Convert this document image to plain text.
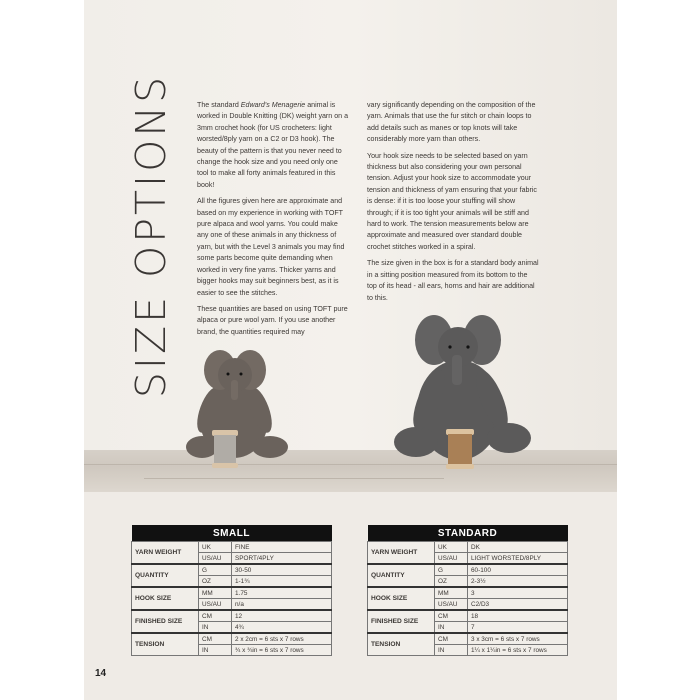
SIZE OPTIONS	The standard Edward's Menagerie animal is worked in Double Knitting (DK) weight yarn on a 3mm crochet hook (for US crocheters: light worsted/8ply yarn on a C2 or D3 hook). The beauty of the pattern is that you never need to change the hook size and you need only one tool to make all forty animals featured in this book!

All the figures given here are approximate and based on my experience in working with TOFT pure alpaca and wool yarns. You could make any one of these animals in any thickness of yarn, but with the Level 3 animals you may find some parts become quite demanding when worked in very fine yarns. Thicker yarns and bigger hooks may suit beginners best, as it is easier to see the stitches.

These quantities are based on using TOFT pure alpaca or pure wool yarn. If you use another brand, the quantities required may

vary significantly depending on the composition of the yarn. Animals that use the fur stitch or chain loops to add details such as manes or top knots will take considerably more yarn than others.

Your hook size needs to be selected based on yarn thickness but also considering your own personal tension. Adjust your hook size to accommodate your tension and thickness of yarn ensuring that your fabric is dense: if it is too loose your stuffing will show through; if it is too tight your animals will be stiff and hard to work. The tension measurements below are approximate and measured over standard double crochet stitches worked in a spiral.

The size given in the box is for a standard body animal in a sitting position measured from its bottom to the top of its head - all ears, horns and hair are additional to this.

SMALL		
YARN WEIGHT	UK	FINE
	US/AU	SPORT/4PLY
QUANTITY	G	30-50
	OZ	1-1¾
HOOK SIZE	MM	1.75
	US/AU	n/a
FINISHED SIZE	CM	12
	IN	4¾
TENSION	CM	2 x 2cm = 6 sts x 7 rows
	IN	¾ x ¾in = 6 sts x 7 rows
STANDARD		
YARN WEIGHT	UK	DK
	US/AU	LIGHT WORSTED/8PLY
QUANTITY	G	60-100
	OZ	2-3½
HOOK SIZE	MM	3
	US/AU	C2/D3
FINISHED SIZE	CM	18
	IN	7
TENSION	CM	3 x 3cm = 6 sts x 7 rows
	IN	1¼ x 1¼in = 6 sts x 7 rows
14
